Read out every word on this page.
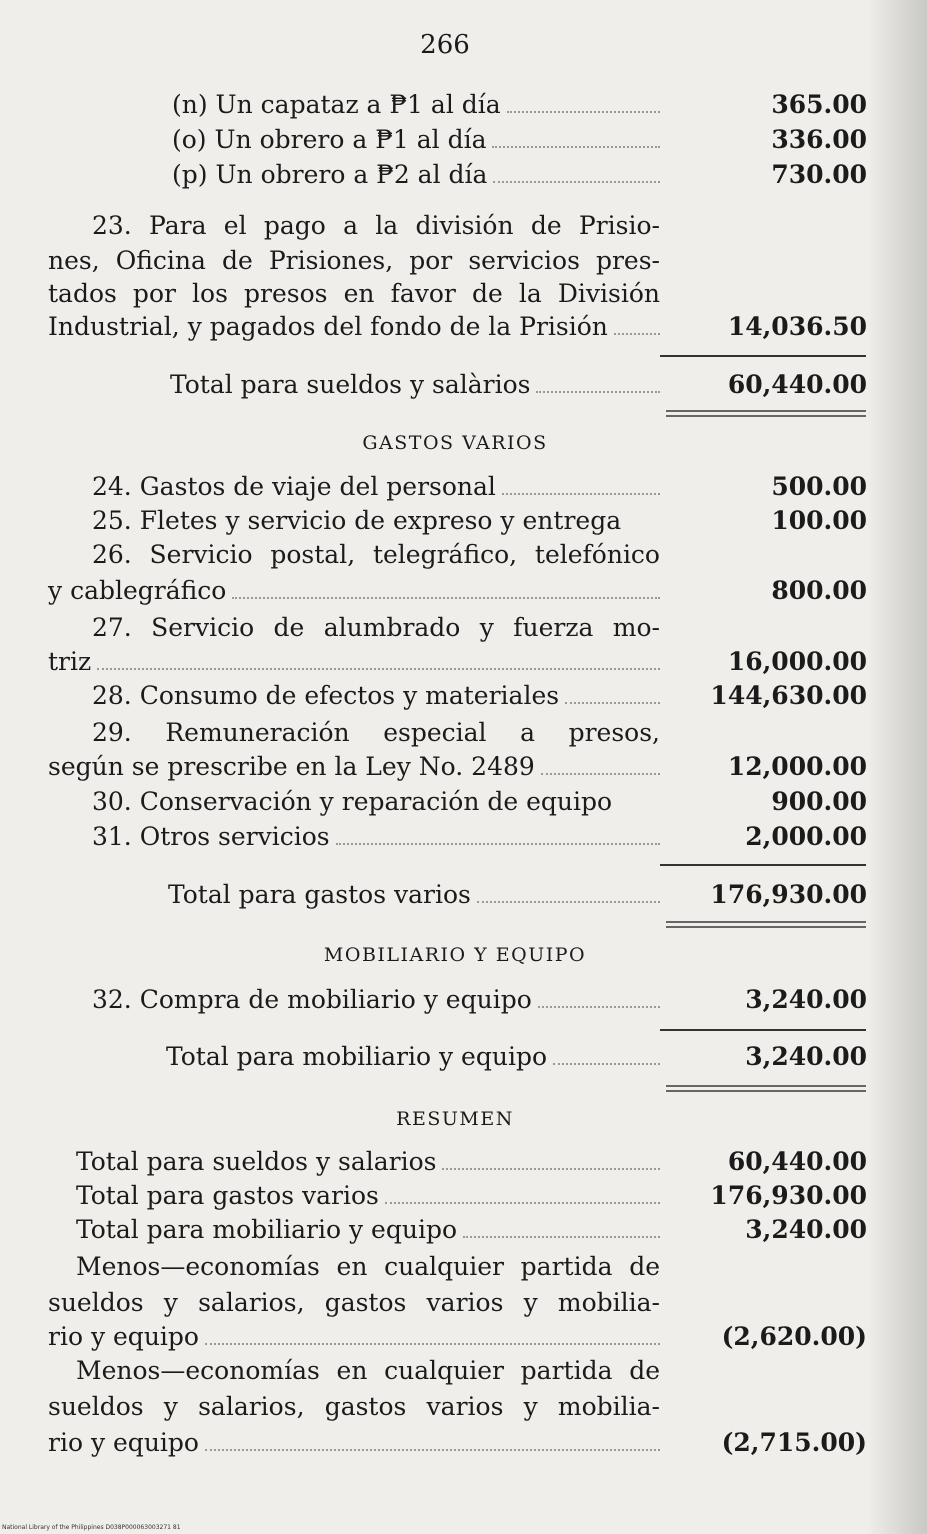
266
(n) Un capataz a ₱1 al día	365.00
(o) Un obrero a ₱1 al día	336.00
(p) Un obrero a ₱2 al día	730.00
23. Para el pago a la división de Prisio-
nes, Oficina de Prisiones, por servicios pres-
tados por los presos en favor de la División
Industrial, y pagados del fondo de la Prisión	14,036.50
Total para sueldos y salàrios	60,440.00
GASTOS VARIOS
24. Gastos de viaje del personal	500.00
25. Fletes y servicio de expreso y entrega	100.00
26. Servicio postal, telegráfico, telefónico
y cablegráfico	800.00
27. Servicio de alumbrado y fuerza mo-
triz	16,000.00
28. Consumo de efectos y materiales	144,630.00
29. Remuneración especial a presos,
según se prescribe en la Ley No. 2489	12,000.00
30. Conservación y reparación de equipo	900.00
31. Otros servicios	2,000.00
Total para gastos varios	176,930.00
MOBILIARIO Y EQUIPO
32. Compra de mobiliario y equipo	3,240.00
Total para mobiliario y equipo	3,240.00
RESUMEN
Total para sueldos y salarios	60,440.00
Total para gastos varios	176,930.00
Total para mobiliario y equipo	3,240.00
Menos—economías en cualquier partida de
sueldos y salarios, gastos varios y mobilia-
rio y equipo	(2,620.00)
Menos—economías en cualquier partida de
sueldos y salarios, gastos varios y mobilia-
rio y equipo	(2,715.00)
National Library of the Philippines D038P000063003271 81
